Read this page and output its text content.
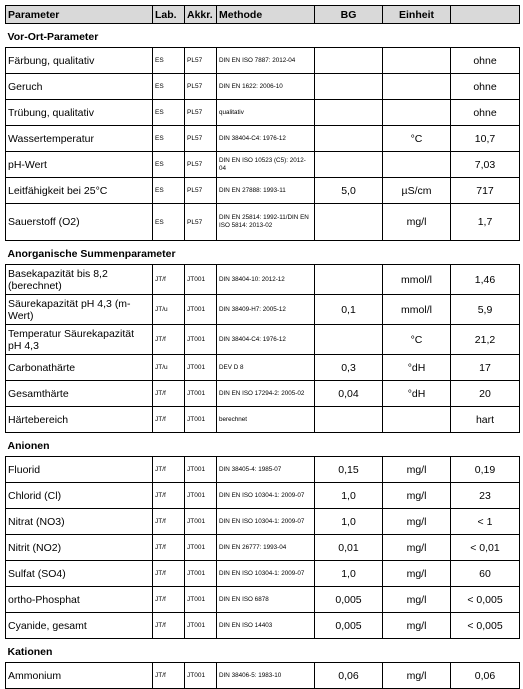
Parameter	Lab.	Akkr.	Methode	BG	Einheit		
Vor-Ort-Parameter							
Färbung, qualitativ	ES	PL57	DIN EN ISO 7887: 2012-04			ohne	
Geruch	ES	PL57	DIN EN 1622: 2006-10			ohne	
Trübung, qualitativ	ES	PL57	qualitativ			ohne	
Wassertemperatur	ES	PL57	DIN 38404-C4: 1976-12		°C	10,7	
pH-Wert	ES	PL57	DIN EN ISO 10523 (C5): 2012-04			7,03	
Leitfähigkeit bei 25°C	ES	PL57	DIN EN 27888: 1993-11	5,0	µS/cm	717	
Sauerstoff (O2)	ES	PL57	DIN EN 25814: 1992-11/DIN EN ISO 5814: 2013-02		mg/l	1,7	
Anorganische Summenparameter							
Basekapazität bis 8,2 (berechnet)	JT/f	JT001	DIN 38404-10: 2012-12		mmol/l	1,46	
Säurekapazität pH 4,3 (m-Wert)	JT/u	JT001	DIN 38409-H7: 2005-12	0,1	mmol/l	5,9	
Temperatur Säurekapazität pH 4,3	JT/f	JT001	DIN 38404-C4: 1976-12		°C	21,2	
Carbonathärte	JT/u	JT001	DEV D 8	0,3	°dH	17	
Gesamthärte	JT/f	JT001	DIN EN ISO 17294-2: 2005-02	0,04	°dH	20	
Härtebereich	JT/f	JT001	berechnet			hart	
Anionen							
Fluorid	JT/f	JT001	DIN 38405-4: 1985-07	0,15	mg/l	0,19	
Chlorid (Cl)	JT/f	JT001	DIN EN ISO 10304-1: 2009-07	1,0	mg/l	23	
Nitrat (NO3)	JT/f	JT001	DIN EN ISO 10304-1: 2009-07	1,0	mg/l	< 1	
Nitrit (NO2)	JT/f	JT001	DIN EN 26777: 1993-04	0,01	mg/l	< 0,01	
Sulfat (SO4)	JT/f	JT001	DIN EN ISO 10304-1: 2009-07	1,0	mg/l	60	
ortho-Phosphat	JT/f	JT001	DIN EN ISO 6878	0,005	mg/l	< 0,005	
Cyanide, gesamt	JT/f	JT001	DIN EN ISO 14403	0,005	mg/l	< 0,005	
Kationen							
Ammonium	JT/f	JT001	DIN 38406-5: 1983-10	0,06	mg/l	0,06	
